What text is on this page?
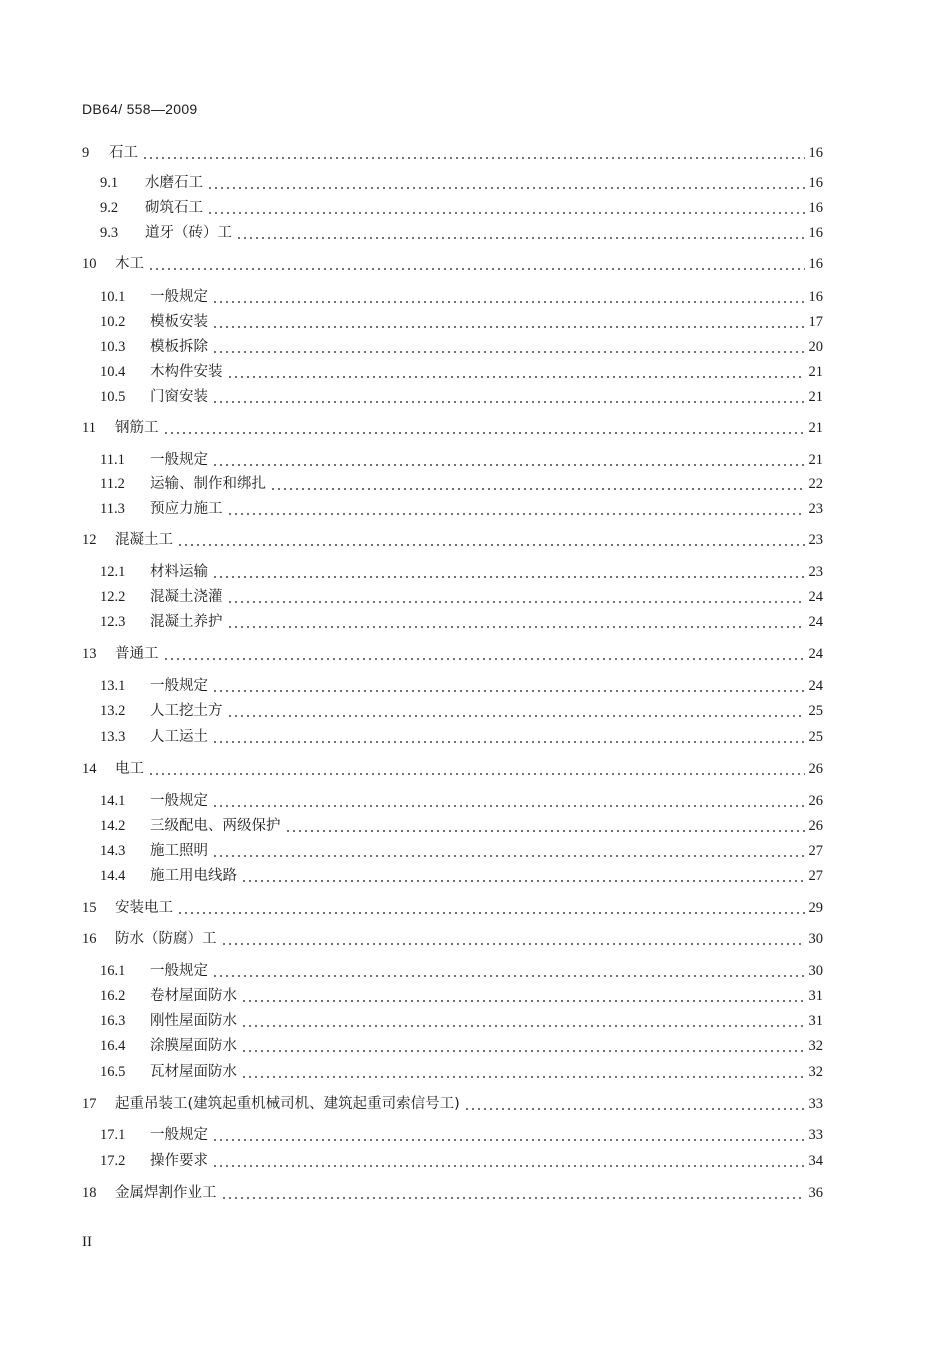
DB64/ 558—2009
9 石工	16
9.1 水磨石工	16
9.2 砌筑石工	16
9.3 道牙（砖）工	16
10 木工	16
10.1 一般规定	16
10.2 模板安装	17
10.3 模板拆除	20
10.4 木构件安装	21
10.5 门窗安装	21
11 钢筋工	21
11.1 一般规定	21
11.2 运输、制作和绑扎	22
11.3 预应力施工	23
12 混凝土工	23
12.1 材料运输	23
12.2 混凝土浇灌	24
12.3 混凝土养护	24
13 普通工	24
13.1 一般规定	24
13.2 人工挖土方	25
13.3 人工运土	25
14 电工	26
14.1 一般规定	26
14.2 三级配电、两级保护	26
14.3 施工照明	27
14.4 施工用电线路	27
15 安装电工	29
16 防水（防腐）工	30
16.1 一般规定	30
16.2 卷材屋面防水	31
16.3 刚性屋面防水	31
16.4 涂膜屋面防水	32
16.5 瓦材屋面防水	32
17 起重吊装工(建筑起重机械司机、建筑起重司索信号工)	33
17.1 一般规定	33
17.2 操作要求	34
18 金属焊割作业工	36
II
